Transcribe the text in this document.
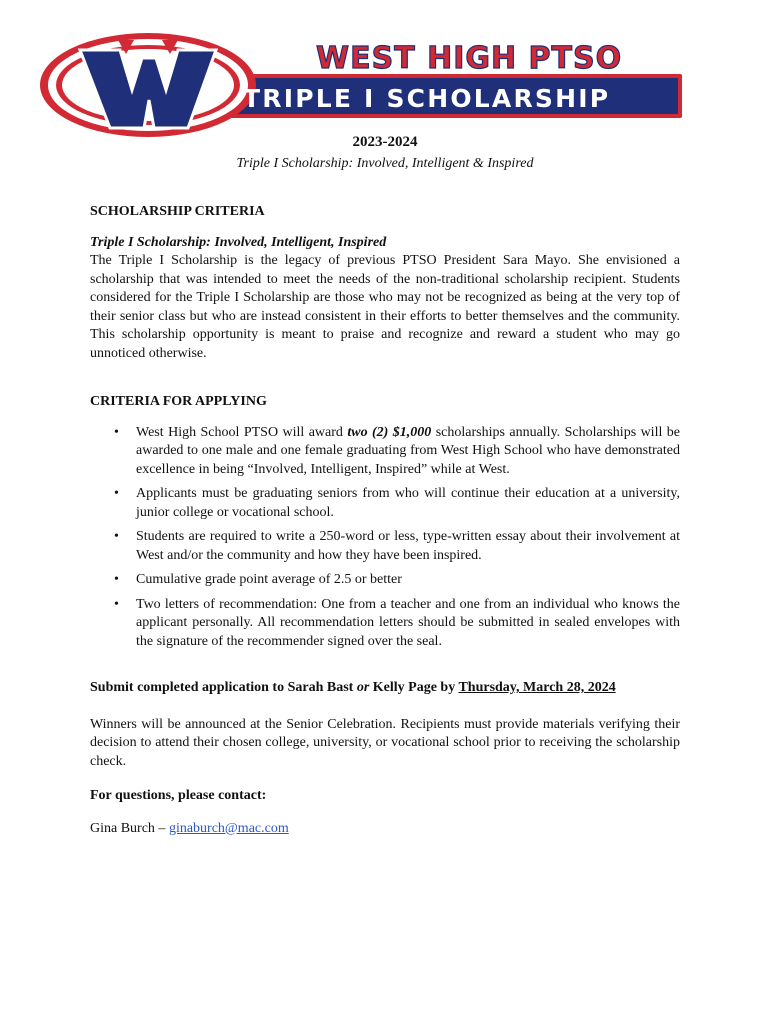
WEST HIGH PTSO
TRIPLE I SCHOLARSHIP
2023-2024
Triple I Scholarship: Involved, Intelligent & Inspired
SCHOLARSHIP CRITERIA
Triple I Scholarship: Involved, Intelligent, Inspired

The Triple I Scholarship is the legacy of previous PTSO President Sara Mayo. She envisioned a scholarship that was intended to meet the needs of the non-traditional scholarship recipient. Students considered for the Triple I Scholarship are those who may not be recognized as being at the very top of their senior class but who are instead consistent in their efforts to better themselves and the community. This scholarship opportunity is meant to praise and recognize and reward a student who may go unnoticed otherwise.

CRITERIA FOR APPLYING
• West High School PTSO will award two (2) $1,000 scholarships annually. Scholarships will be awarded to one male and one female graduating from West High School who have demonstrated excellence in being “Involved, Intelligent, Inspired” while at West.
• Applicants must be graduating seniors from who will continue their education at a university, junior college or vocational school.
• Students are required to write a 250-word or less, type-written essay about their involvement at West and/or the community and how they have been inspired.
• Cumulative grade point average of 2.5 or better
• Two letters of recommendation: One from a teacher and one from an individual who knows the applicant personally. All recommendation letters should be submitted in sealed envelopes with the signature of the recommender signed over the seal.
Submit completed application to Sarah Bast or Kelly Page by Thursday, March 28, 2024

Winners will be announced at the Senior Celebration. Recipients must provide materials verifying their decision to attend their chosen college, university, or vocational school prior to receiving the scholarship check.

For questions, please contact:
Gina Burch – ginaburch@mac.com
